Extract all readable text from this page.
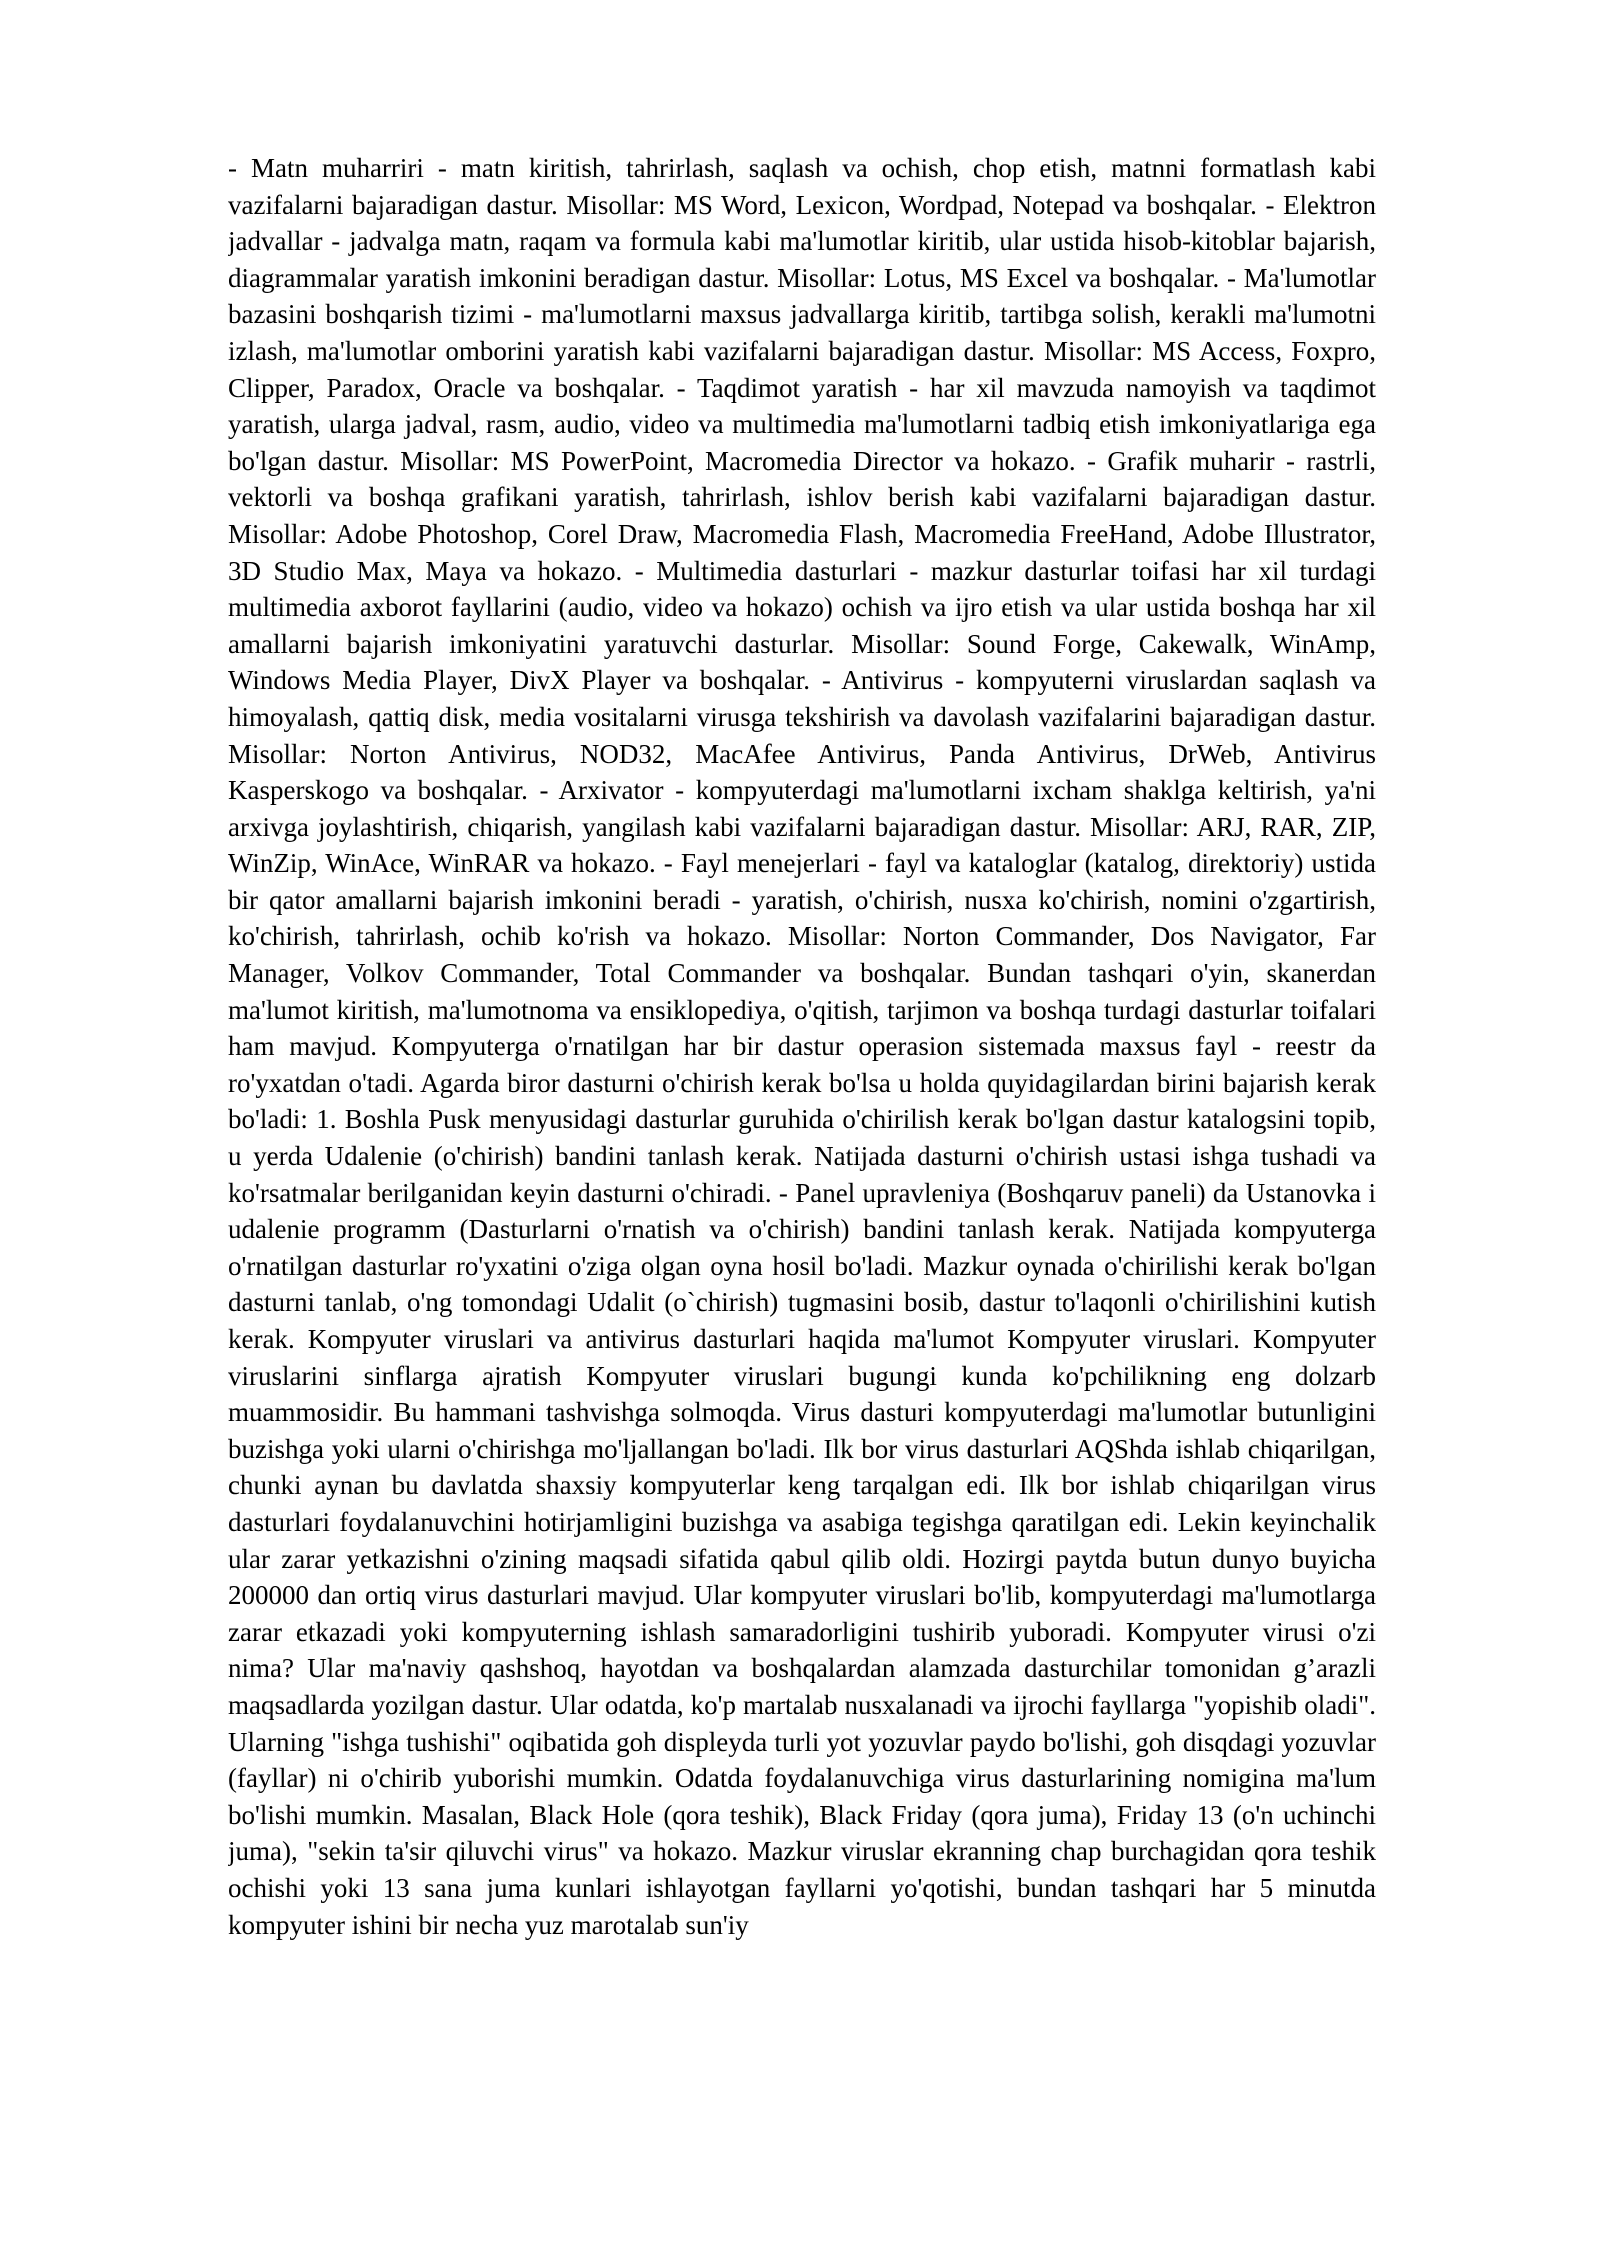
- Matn muharriri - matn kiritish, tahrirlash, saqlash va ochish, chop etish, matnni formatlash kabi vazifalarni bajaradigan dastur. Misollar: MS Word, Lexicon, Wordpad, Notepad va boshqalar. - Elektron jadvallar - jadvalga matn, raqam va formula kabi ma'lumotlar kiritib, ular ustida hisob-kitoblar bajarish, diagrammalar yaratish imkonini beradigan dastur. Misollar: Lotus, MS Excel va boshqalar. - Ma'lumotlar bazasini boshqarish tizimi - ma'lumotlarni maxsus jadvallarga kiritib, tartibga solish, kerakli ma'lumotni izlash, ma'lumotlar omborini yaratish kabi vazifalarni bajaradigan dastur. Misollar: MS Access, Foxpro, Clipper, Paradox, Oracle va boshqalar. - Taqdimot yaratish - har xil mavzuda namoyish va taqdimot yaratish, ularga jadval, rasm, audio, video va multimedia ma'lumotlarni tadbiq etish imkoniyatlariga ega bo'lgan dastur. Misollar: MS PowerPoint, Macromedia Director va hokazo. - Grafik muharir - rastrli, vektorli va boshqa grafikani yaratish, tahrirlash, ishlov berish kabi vazifalarni bajaradigan dastur. Misollar: Adobe Photoshop, Corel Draw, Macromedia Flash, Macromedia FreeHand, Adobe Illustrator, 3D Studio Max, Maya va hokazo. - Multimedia dasturlari - mazkur dasturlar toifasi har xil turdagi multimedia axborot fayllarini (audio, video va hokazo) ochish va ijro etish va ular ustida boshqa har xil amallarni bajarish imkoniyatini yaratuvchi dasturlar. Misollar: Sound Forge, Cakewalk, WinAmp, Windows Media Player, DivX Player va boshqalar. - Antivirus - kompyuterni viruslardan saqlash va himoyalash, qattiq disk, media vositalarni virusga tekshirish va davolash vazifalarini bajaradigan dastur. Misollar: Norton Antivirus, NOD32, MacAfee Antivirus, Panda Antivirus, DrWeb, Antivirus Kasperskogo va boshqalar. - Arxivator - kompyuterdagi ma'lumotlarni ixcham shaklga keltirish, ya'ni arxivga joylashtirish, chiqarish, yangilash kabi vazifalarni bajaradigan dastur. Misollar: ARJ, RAR, ZIP, WinZip, WinAce, WinRAR va hokazo. - Fayl menejerlari - fayl va kataloglar (katalog, direktoriy) ustida bir qator amallarni bajarish imkonini beradi - yaratish, o'chirish, nusxa ko'chirish, nomini o'zgartirish, ko'chirish, tahrirlash, ochib ko'rish va hokazo. Misollar: Norton Commander, Dos Navigator, Far Manager, Volkov Commander, Total Commander va boshqalar. Bundan tashqari o'yin, skanerdan ma'lumot kiritish, ma'lumotnoma va ensiklopediya, o'qitish, tarjimon va boshqa turdagi dasturlar toifalari ham mavjud. Kompyuterga o'rnatilgan har bir dastur operasion sistemada maxsus fayl - reestr da ro'yxatdan o'tadi. Agarda biror dasturni o'chirish kerak bo'lsa u holda quyidagilardan birini bajarish kerak bo'ladi: 1. Boshla Pusk menyusidagi dasturlar guruhida o'chirilish kerak bo'lgan dastur katalogsini topib, u yerda Udalenie (o'chirish) bandini tanlash kerak. Natijada dasturni o'chirish ustasi ishga tushadi va ko'rsatmalar berilganidan keyin dasturni o'chiradi. - Panel upravleniya (Boshqaruv paneli) da Ustanovka i udalenie programm (Dasturlarni o'rnatish va o'chirish) bandini tanlash kerak. Natijada kompyuterga o'rnatilgan dasturlar ro'yxatini o'ziga olgan oyna hosil bo'ladi. Mazkur oynada o'chirilishi kerak bo'lgan dasturni tanlab, o'ng tomondagi Udalit (o`chirish) tugmasini bosib, dastur to'laqonli o'chirilishini kutish kerak. Kompyuter viruslari va antivirus dasturlari haqida ma'lumot Kompyuter viruslari. Kompyuter viruslarini sinflarga ajratish Kompyuter viruslari bugungi kunda ko'pchilikning eng dolzarb muammosidir. Bu hammani tashvishga solmoqda. Virus dasturi kompyuterdagi ma'lumotlar butunligini buzishga yoki ularni o'chirishga mo'ljallangan bo'ladi. Ilk bor virus dasturlari AQShda ishlab chiqarilgan, chunki aynan bu davlatda shaxsiy kompyuterlar keng tarqalgan edi. Ilk bor ishlab chiqarilgan virus dasturlari foydalanuvchini hotirjamligini buzishga va asabiga tegishga qaratilgan edi. Lekin keyinchalik ular zarar yetkazishni o'zining maqsadi sifatida qabul qilib oldi. Hozirgi paytda butun dunyo buyicha 200000 dan ortiq virus dasturlari mavjud. Ular kompyuter viruslari bo'lib, kompyuterdagi ma'lumotlarga zarar etkazadi yoki kompyuterning ishlash samaradorligini tushirib yuboradi. Kompyuter virusi o'zi nima? Ular ma'naviy qashshoq, hayotdan va boshqalardan alamzada dasturchilar tomonidan g’arazli maqsadlarda yozilgan dastur. Ular odatda, ko'p martalab nusxalanadi va ijrochi fayllarga "yopishib oladi". Ularning "ishga tushishi" oqibatida goh displeyda turli yot yozuvlar paydo bo'lishi, goh disqdagi yozuvlar (fayllar) ni o'chirib yuborishi mumkin. Odatda foydalanuvchiga virus dasturlarining nomigina ma'lum bo'lishi mumkin. Masalan, Black Hole (qora teshik), Black Friday (qora juma), Friday 13 (o'n uchinchi juma), "sekin ta'sir qiluvchi virus" va hokazo. Mazkur viruslar ekranning chap burchagidan qora teshik ochishi yoki 13 sana juma kunlari ishlayotgan fayllarni yo'qotishi, bundan tashqari har 5 minutda kompyuter ishini bir necha yuz marotalab sun'iy
